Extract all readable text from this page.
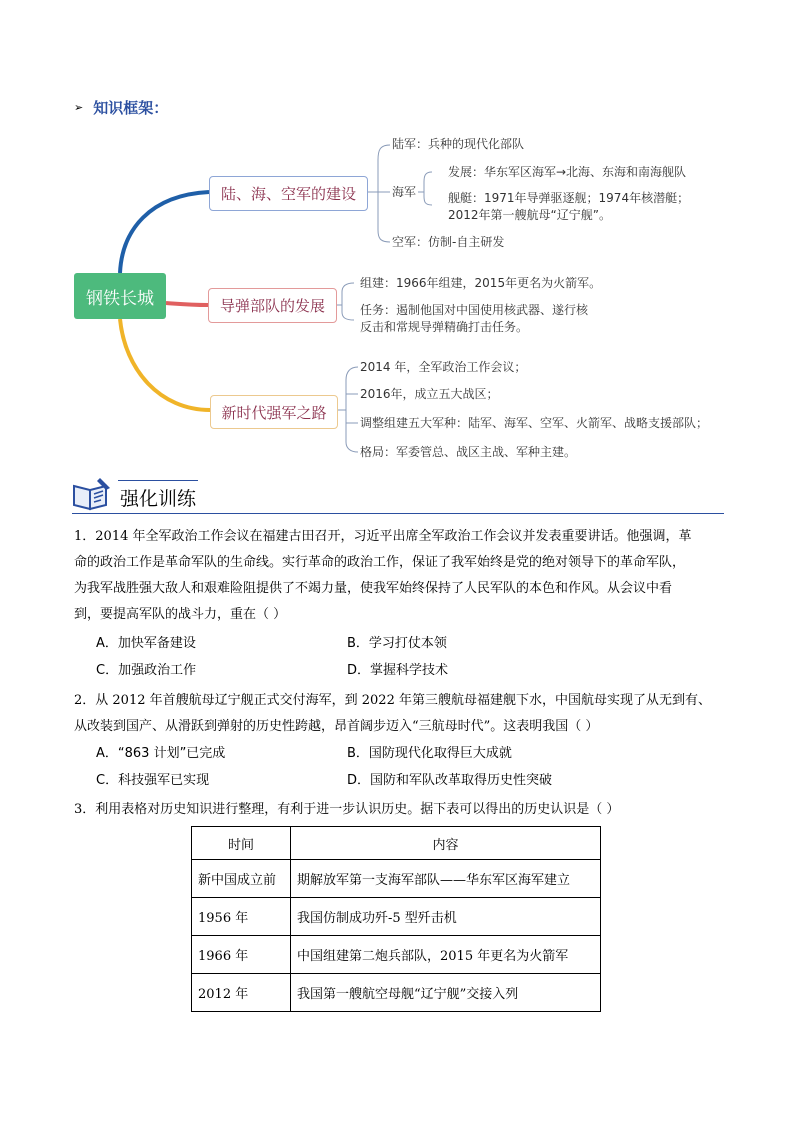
➢ 知识框架：
钢铁长城
陆、海、空军的建设
导弹部队的发展
新时代强军之路
陆军：兵种的现代化部队
海军
发展：华东军区海军→北海、东海和南海舰队
舰艇：1971年导弹驱逐舰；1974年核潜艇；
2012年第一艘航母“辽宁舰”。
空军：仿制-自主研发
组建：1966年组建，2015年更名为火箭军。
任务：遏制他国对中国使用核武器、遂行核
反击和常规导弹精确打击任务。
2014 年，全军政治工作会议；
2016年，成立五大战区；
调整组建五大军种：陆军、海军、空军、火箭军、战略支援部队；
格局：军委管总、战区主战、军种主建。
强化训练
1．2014 年全军政治工作会议在福建古田召开，习近平出席全军政治工作会议并发表重要讲话。他强调，革
命的政治工作是革命军队的生命线。实行革命的政治工作，保证了我军始终是党的绝对领导下的革命军队，
为我军战胜强大敌人和艰难险阻提供了不竭力量，使我军始终保持了人民军队的本色和作风。从会议中看
到，要提高军队的战斗力，重在（ ）
A．加快军备建设	B．学习打仗本领
C．加强政治工作	D．掌握科学技术
2．从 2012 年首艘航母辽宁舰正式交付海军，到 2022 年第三艘航母福建舰下水，中国航母实现了从无到有、
从改装到国产、从滑跃到弹射的历史性跨越，昂首阔步迈入“三航母时代”。这表明我国（ ）
A．“863 计划”已完成	B．国防现代化取得巨大成就
C．科技强军已实现	D．国防和军队改革取得历史性突破
3．利用表格对历史知识进行整理，有利于进一步认识历史。据下表可以得出的历史认识是（ ）
时间	内容
新中国成立前	期解放军第一支海军部队——华东军区海军建立
1956 年	我国仿制成功歼-5 型歼击机
1966 年	中国组建第二炮兵部队，2015 年更名为火箭军
2012 年	我国第一艘航空母舰“辽宁舰”交接入列
